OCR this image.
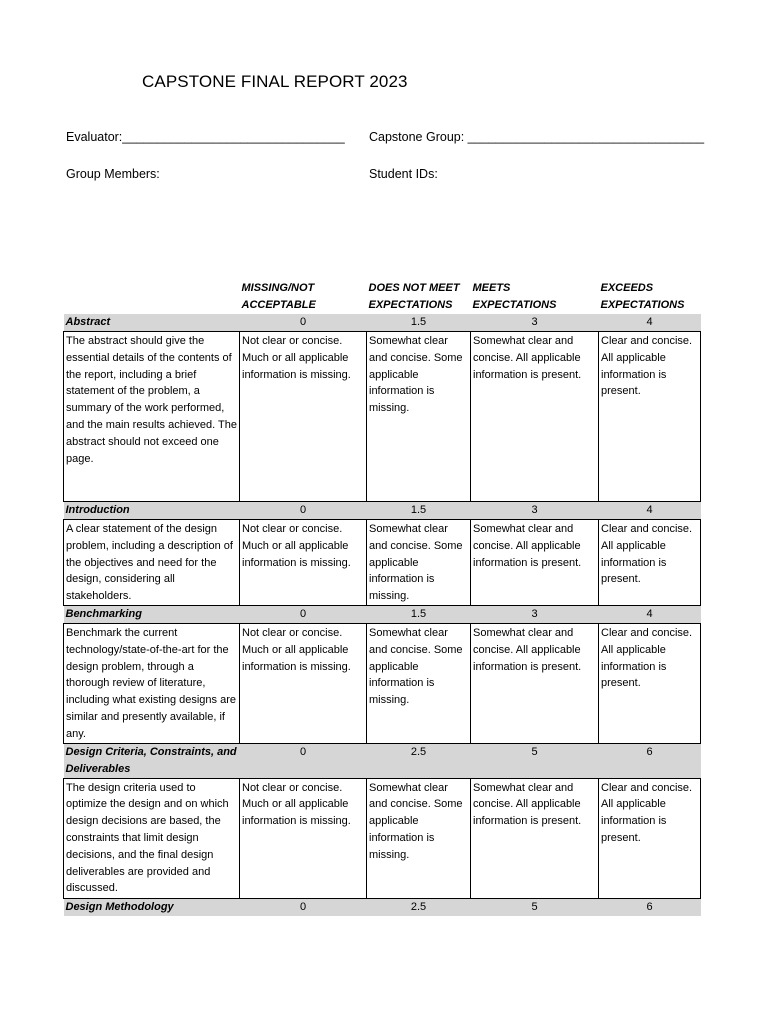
CAPSTONE FINAL REPORT 2023
Evaluator:________________________________ Capstone Group: __________________________________
Group Members:	Student IDs:
	MISSING/NOT ACCEPTABLE	DOES NOT MEET EXPECTATIONS	MEETS EXPECTATIONS	EXCEEDS EXPECTATIONS
Abstract	0	1.5	3	4
The abstract should give the essential details of the contents of the report, including a brief statement of the problem, a summary of the work performed, and the main results achieved. The abstract should not exceed one page.	Not clear or concise. Much or all applicable information is missing.	Somewhat clear and concise. Some applicable information is missing.	Somewhat clear and concise. All applicable information is present.	Clear and concise. All applicable information is present.
Introduction	0	1.5	3	4
A clear statement of the design problem, including a description of the objectives and need for the design, considering all stakeholders.	Not clear or concise. Much or all applicable information is missing.	Somewhat clear and concise. Some applicable information is missing.	Somewhat clear and concise. All applicable information is present.	Clear and concise. All applicable information is present.
Benchmarking	0	1.5	3	4
Benchmark the current technology/state-of-the-art for the design problem, through a thorough review of literature, including what existing designs are similar and presently available, if any.	Not clear or concise. Much or all applicable information is missing.	Somewhat clear and concise. Some applicable information is missing.	Somewhat clear and concise. All applicable information is present.	Clear and concise. All applicable information is present.
Design Criteria, Constraints, and Deliverables	0	2.5	5	6
The design criteria used to optimize the design and on which design decisions are based, the constraints that limit design decisions, and the final design deliverables are provided and discussed.	Not clear or concise. Much or all applicable information is missing.	Somewhat clear and concise. Some applicable information is missing.	Somewhat clear and concise. All applicable information is present.	Clear and concise. All applicable information is present.
Design Methodology	0	2.5	5	6
